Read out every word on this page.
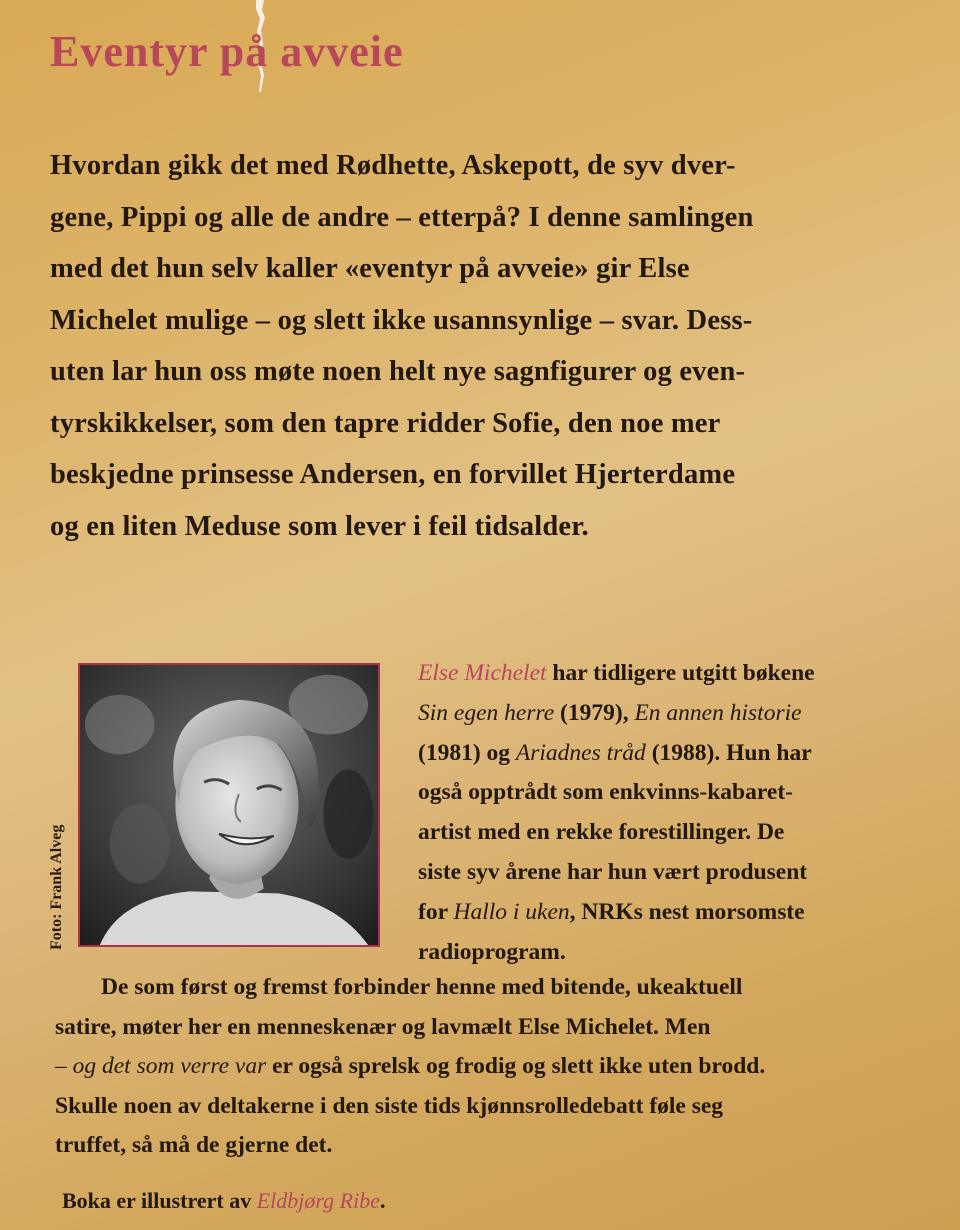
Eventyr på avveie

Hvordan gikk det med Rødhette, Askepott, de syv dver-
gene, Pippi og alle de andre – etterpå? I denne samlingen
med det hun selv kaller «eventyr på avveie» gir Else
Michelet mulige – og slett ikke usannsynlige – svar. Dess-
uten lar hun oss møte noen helt nye sagnfigurer og even-
tyrskikkelser, som den tapre ridder Sofie, den noe mer
beskjedne prinsesse Andersen, en forvillet Hjerterdame
og en liten Meduse som lever i feil tidsalder.

Foto: Frank Alveg

Else Michelet har tidligere utgitt bøkene
Sin egen herre (1979), En annen historie
(1981) og Ariadnes tråd (1988). Hun har
også opptrådt som enkvinns-kabaret-
artist med en rekke forestillinger. De
siste syv årene har hun vært produsent
for Hallo i uken, NRKs nest morsomste
radioprogram.

De som først og fremst forbinder henne med bitende, ukeaktuell
satire, møter her en menneskenær og lavmælt Else Michelet. Men
– og det som verre var er også sprelsk og frodig og slett ikke uten brodd.
Skulle noen av deltakerne i den siste tids kjønnsrolledebatt føle seg
truffet, så må de gjerne det.

Boka er illustrert av Eldbjørg Ribe.
